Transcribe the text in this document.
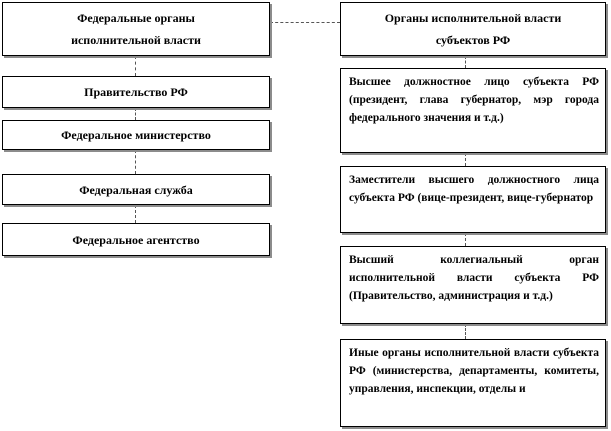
Федеральные органы исполнительной власти
Правительство РФ
Федеральное министерство
Федеральная служба
Федеральное агентство
Органы исполнительной власти субъектов РФ
Высшее должностное лицо субъекта РФ (президент, глава губернатор, мэр города федерального значения и т.д.)
Заместители высшего должностного лица субъекта РФ (вице-президент, вице-губернатор
Высший коллегиальный орган исполнительной власти субъекта РФ (Правительство, администрация и т.д.)
Иные органы исполнительной власти субъекта РФ (министерства, департаменты, комитеты, управления, инспекции, отделы и
